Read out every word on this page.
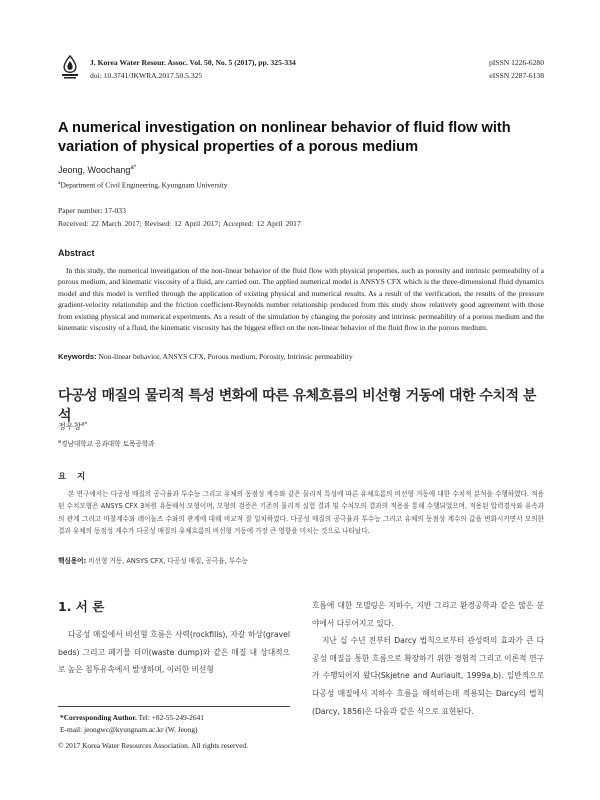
J. Korea Water Resour. Assoc. Vol. 50, No. 5 (2017), pp. 325-334
doi: 10.3741/JKWRA.2017.50.5.325
pISSN 1226-6280
eISSN 2287-6138
A numerical investigation on nonlinear behavior of fluid flow with variation of physical properties of a porous medium
Jeong, Woochang$^{a*}$
$^a$Department of Civil Engineering, Kyungnam University
Paper number: 17-033
Received: 22 March 2017; Revised: 12 April 2017; Accepted: 12 April 2017
Abstract
In this study, the numerical investigation of the non-linear behavior of the fluid flow with physical properties, such as porosity and intrinsic permeability of a porous medium, and kinematic viscosity of a fluid, are carried out. The applied numerical model is ANSYS CFX which is the three-dimensional fluid dynamics model and this model is verified through the application of existing physical and numerical results. As a result of the verification, the results of the pressure gradient-velocity relationship and the friction coefficient-Reynolds number relationship produced from this study show relatively good agreement with those from existing physical and numerical experiments. As a result of the simulation by changing the porosity and intrinsic permeability of a porous medium and the kinematic viscosity of a fluid, the kinematic viscosity has the biggest effect on the non-linear behavior of the fluid flow in the porous medium.
Keywords: Non-linear behavior, ANSYS CFX, Porous medium, Porosity, Intrinsic permeability
다공성 매질의 물리적 특성 변화에 따른 유체흐름의 비선형 거동에 대한 수치적 분석
정우창$^{a*}$
$^a$경남대학교 공과대학 토목공학과
요 지
본 연구에서는 다공성 매질의 공극율과 투수능 그리고 유체의 동점성 계수와 같은 물리적 특성에 따른 유체흐름의 비선형 거동에 대한 수치적 분석을 수행하였다. 적용된 수치모형은 ANSYS CFX 3차원 유동해석 모형이며, 모형의 검증은 기존의 물리적 실험 결과 및 수치모의 결과의 적용을 통해 수행되었으며, 적용된 압력경사와 유속과의 관계 그리고 마찰계수와 레이놀즈 수와의 관계에 대해 비교적 잘 일치하였다. 다공성 매질의 공극율과 투수능 그리고 유체의 동점성 계수의 값을 변화시키면서 모의한 결과 유체의 동점성 계수가 다공성 매질의 유체흐름의 비선형 거동에 가장 큰 영향을 미치는 것으로 나타났다.
핵심용어: 비선형 거동, ANSYS CFX, 다공성 매질, 공극율, 투수능
1. 서 론
다공성 매질에서 비선형 흐름은 사력(rockfills), 자갈 하상(gravel beds) 그리고 폐기물 더미(waste dump)와 같은 매질 내 상대적으로 높은 침투유속에서 발생하며, 이러한 비선형

흐름에 대한 모델링은 지하수, 지반 그리고 환경공학과 같은 많은 분야에서 다루어지고 있다.

지난 십 수년 전부터 Darcy 법칙으로부터 관성력의 효과가 큰 다공성 매질을 통한 흐름으로 확장하기 위한 경험적 그리고 이론적 연구가 수행되어져 왔다(Skjetne and Auriault, 1999a,b). 일반적으로 다공성 매질에서 지하수 흐름을 해석하는데 적용되는 Darcy의 법칙(Darcy, 1856)은 다음과 같은 식으로 표현된다.

*Corresponding Author. Tel: +82-55-249-2641
E-mail: jeongwc@kyungnam.ac.kr (W. Jeong)
© 2017 Korea Water Resources Association. All rights reserved.
